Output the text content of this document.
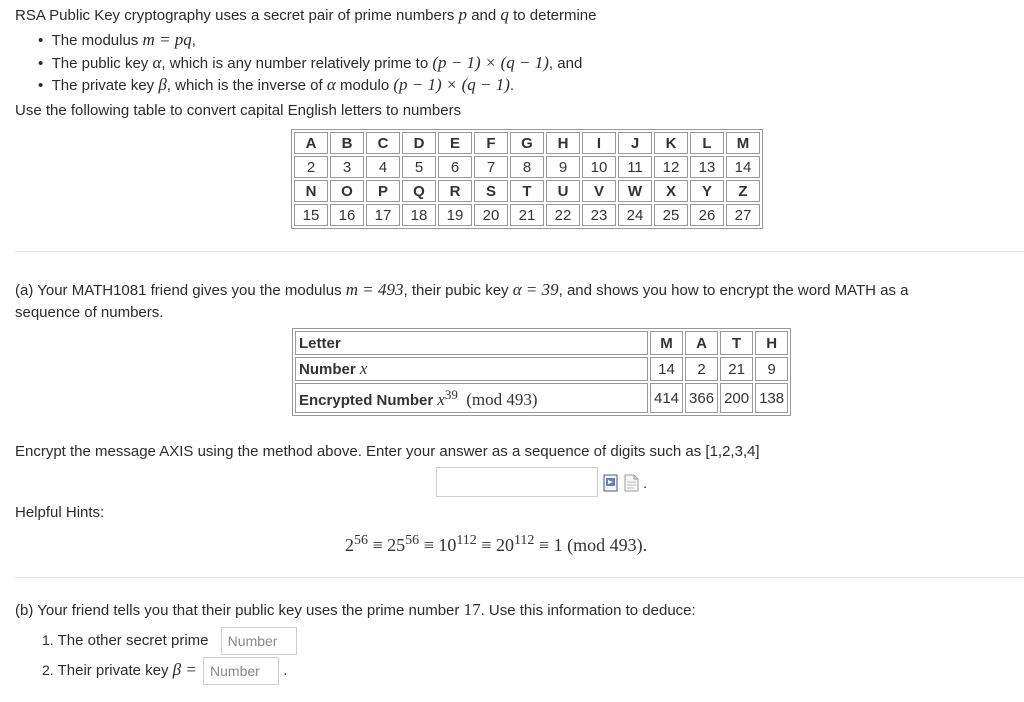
RSA Public Key cryptography uses a secret pair of prime numbers p and q to determine

•  The modulus m = pq,

•  The public key α, which is any number relatively prime to (p − 1) × (q − 1), and

•  The private key β, which is the inverse of α modulo (p − 1) × (q − 1).

Use the following table to convert capital English letters to numbers

A	B	C	D	E	F	G	H	I	J	K	L	M
2	3	4	5	6	7	8	9	10	11	12	13	14
N	O	P	Q	R	S	T	U	V	W	X	Y	Z
15	16	17	18	19	20	21	22	23	24	25	26	27

(a) Your MATH1081 friend gives you the modulus m = 493, their pubic key α = 39, and shows you how to encrypt the word MATH as a
sequence of numbers.

Letter	M	A	T	H
Number x	14	2	21	9
Encrypted Number $x^{39}$ (mod 493)	414	366	200	138

Encrypt the message AXIS using the method above. Enter your answer as a sequence of digits such as [1,2,3,4]

.

Helpful Hints:

$2^{56} \equiv 25^{56} \equiv 10^{112} \equiv 20^{112} \equiv 1$ (mod 493).

(b) Your friend tells you that their public key uses the prime number 17. Use this information to deduce:

1. The other secret prime Number
2. Their private key β = Number .
